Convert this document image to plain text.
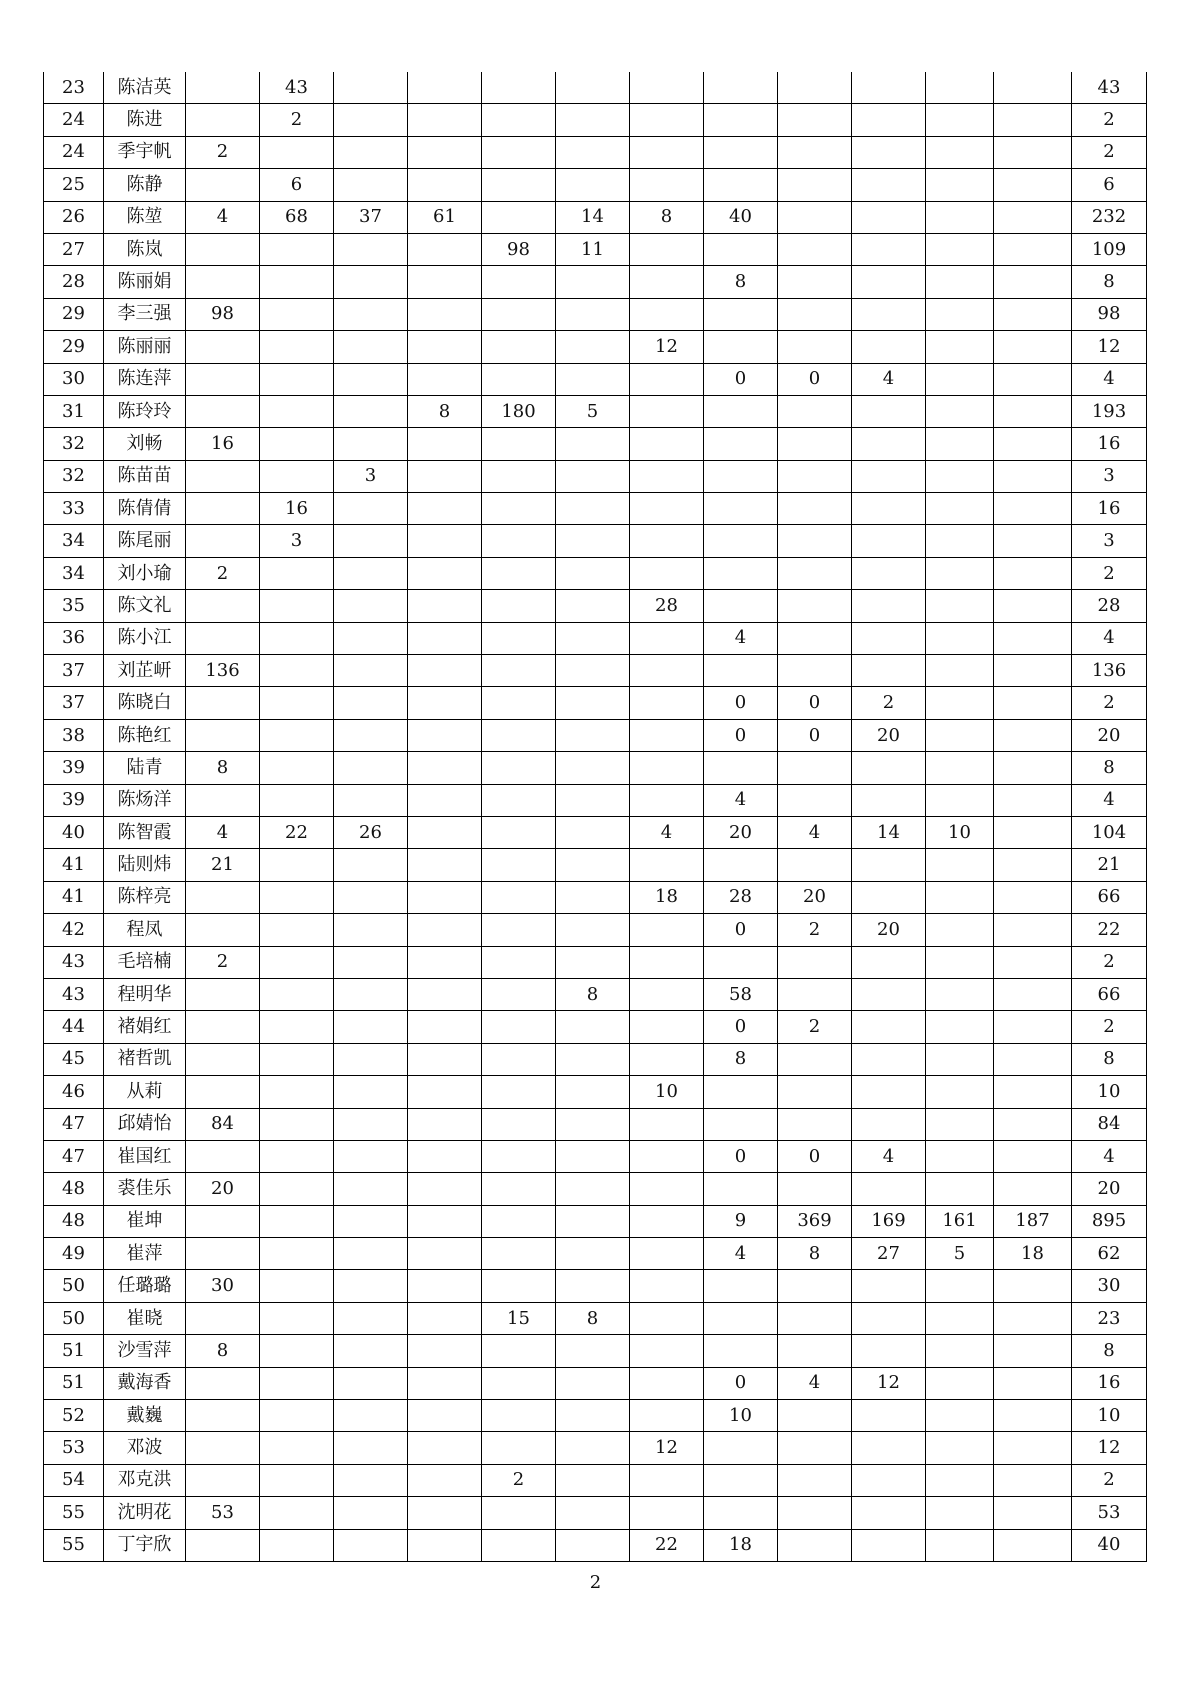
23	陈洁英		43											43
24	陈进		2											2
24	季宇帆	2												2
25	陈静		6											6
26	陈堃	4	68	37	61		14	8	40					232
27	陈岚					98	11							109
28	陈丽娟								8					8
29	李三强	98												98
29	陈丽丽							12						12
30	陈连萍								0	0	4			4
31	陈玲玲				8	180	5							193
32	刘畅	16												16
32	陈苗苗			3										3
33	陈倩倩		16											16
34	陈尾丽		3											3
34	刘小瑜	2												2
35	陈文礼							28						28
36	陈小江								4					4
37	刘芷岍	136												136
37	陈晓白								0	0	2			2
38	陈艳红								0	0	20			20
39	陆青	8												8
39	陈炀洋								4					4
40	陈智霞	4	22	26				4	20	4	14	10		104
41	陆则炜	21												21
41	陈梓亮							18	28	20				66
42	程凤								0	2	20			22
43	毛培楠	2												2
43	程明华						8		58					66
44	褚娟红								0	2				2
45	褚哲凯								8					8
46	从莉							10						10
47	邱婧怡	84												84
47	崔国红								0	0	4			4
48	裘佳乐	20												20
48	崔坤								9	369	169	161	187	895
49	崔萍								4	8	27	5	18	62
50	任璐璐	30												30
50	崔晓					15	8							23
51	沙雪萍	8												8
51	戴海香								0	4	12			16
52	戴巍								10					10
53	邓波							12						12
54	邓克洪					2								2
55	沈明花	53												53
55	丁宇欣							22	18					40
2
